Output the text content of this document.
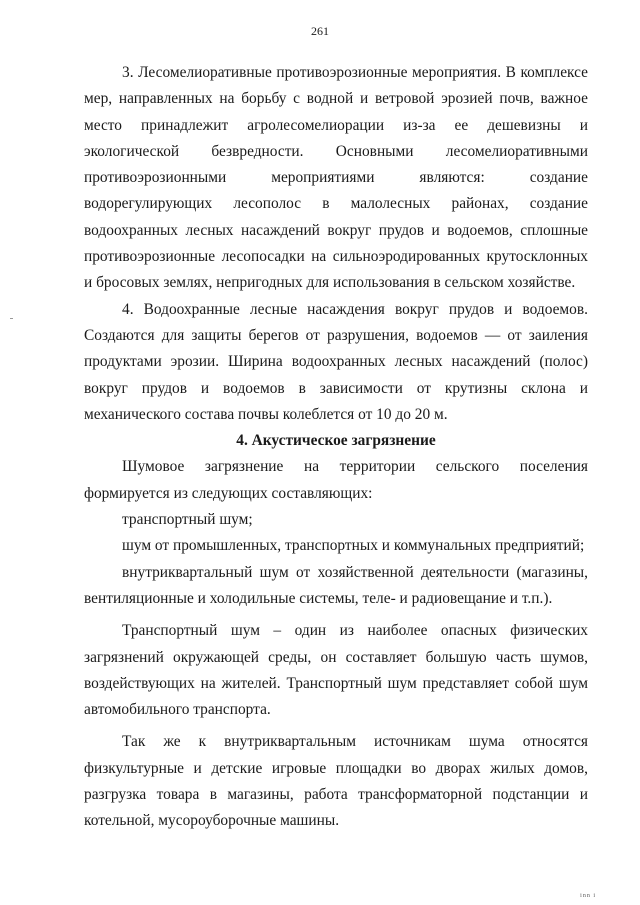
261

3. Лесомелиоративные противоэрозионные мероприятия. В комплексе мер, направленных на борьбу с водной и ветровой эрозией почв, важное место принадлежит агролесомелиорации из-за ее дешевизны и экологической безвредности. Основными лесомелиоративными противоэрозионными мероприятиями являются: создание водорегулирующих лесополос в малолесных районах, создание водоохранных лесных насаждений вокруг прудов и водоемов, сплошные противоэрозионные лесопосадки на сильноэродированных крутосклонных и бросовых землях, непригодных для использования в сельском хозяйстве.

4. Водоохранные лесные насаждения вокруг прудов и водоемов. Создаются для защиты берегов от разрушения, водоемов — от заиления продуктами эрозии. Ширина водоохранных лесных насаждений (полос) вокруг прудов и водоемов в зависимости от крутизны склона и механического состава почвы колеблется от 10 до 20 м.

4. Акустическое загрязнение

Шумовое загрязнение на территории сельского поселения формируется из следующих составляющих:

транспортный шум;

шум от промышленных, транспортных и коммунальных предприятий;

внутриквартальный шум от хозяйственной деятельности (магазины, вентиляционные и холодильные системы, теле- и радиовещание и т.п.).

Транспортный шум – один из наиболее опасных физических загрязнений окружающей среды, он составляет большую часть шумов, воздействующих на жителей. Транспортный шум представляет собой шум автомобильного транспорта.

Так же к внутриквартальным источникам шума относятся физкультурные и детские игровые площадки во дворах жилых домов, разгрузка товара в магазины, работа трансформаторной подстанции и котельной, мусороуборочные машины.

inn i
